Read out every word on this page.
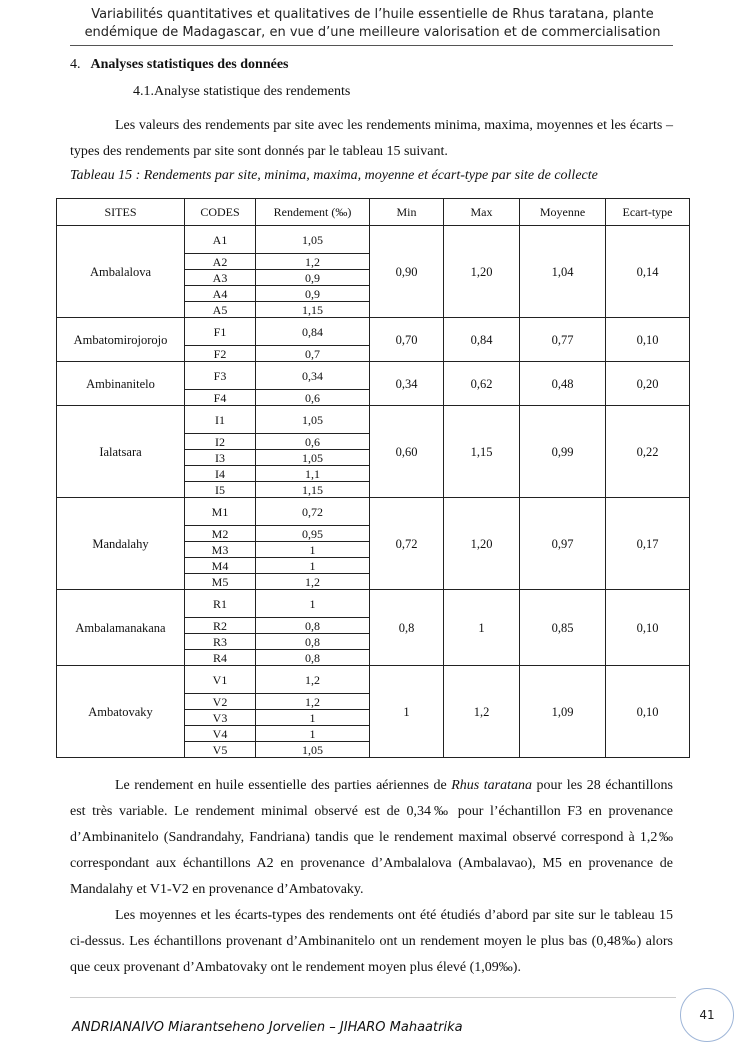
Variabilités quantitatives et qualitatives de l’huile essentielle de Rhus taratana, plante
endémique de Madagascar, en vue d’une meilleure valorisation et de commercialisation
4. Analyses statistiques des données
4.1.Analyse statistique des rendements
Les valeurs des rendements par site avec les rendements minima, maxima, moyennes et les écarts –types des rendements par site sont donnés par le tableau 15 suivant.
Tableau 15 : Rendements par site, minima, maxima, moyenne et écart-type par site de collecte
SITES	CODES	Rendement (‰)	Min	Max	Moyenne	Ecart-type
Ambalalova	A1	1,05	0,90	1,20	1,04	0,14
	A2	1,2				
	A3	0,9				
	A4	0,9				
	A5	1,15				
Ambatomirojorojo	F1	0,84	0,70	0,84	0,77	0,10
	F2	0,7				
Ambinanitelo	F3	0,34	0,34	0,62	0,48	0,20
	F4	0,6				
Ialatsara	I1	1,05	0,60	1,15	0,99	0,22
	I2	0,6				
	I3	1,05				
	I4	1,1				
	I5	1,15				
Mandalahy	M1	0,72	0,72	1,20	0,97	0,17
	M2	0,95				
	M3	1				
	M4	1				
	M5	1,2				
Ambalamanakana	R1	1	0,8	1	0,85	0,10
	R2	0,8				
	R3	0,8				
	R4	0,8				
Ambatovaky	V1	1,2	1	1,2	1,09	0,10
	V2	1,2				
	V3	1				
	V4	1				
	V5	1,05				
Le rendement en huile essentielle des parties aériennes de Rhus taratana pour les 28 échantillons est très variable. Le rendement minimal observé est de 0,34‰ pour l’échantillon F3 en provenance d’Ambinanitelo (Sandrandahy, Fandriana) tandis que le rendement maximal observé correspond à 1,2‰ correspondant aux échantillons A2 en provenance d’Ambalalova (Ambalavao), M5 en provenance de Mandalahy et V1-V2 en provenance d’Ambatovaky.
Les moyennes et les écarts-types des rendements ont été étudiés d’abord par site sur le tableau 15 ci-dessus. Les échantillons provenant d’Ambinanitelo ont un rendement moyen le plus bas (0,48‰) alors que ceux provenant d’Ambatovaky ont le rendement moyen plus élevé (1,09‰).
ANDRIANAIVO Miarantseheno Jorvelien – JIHARO Mahaatrika
41
